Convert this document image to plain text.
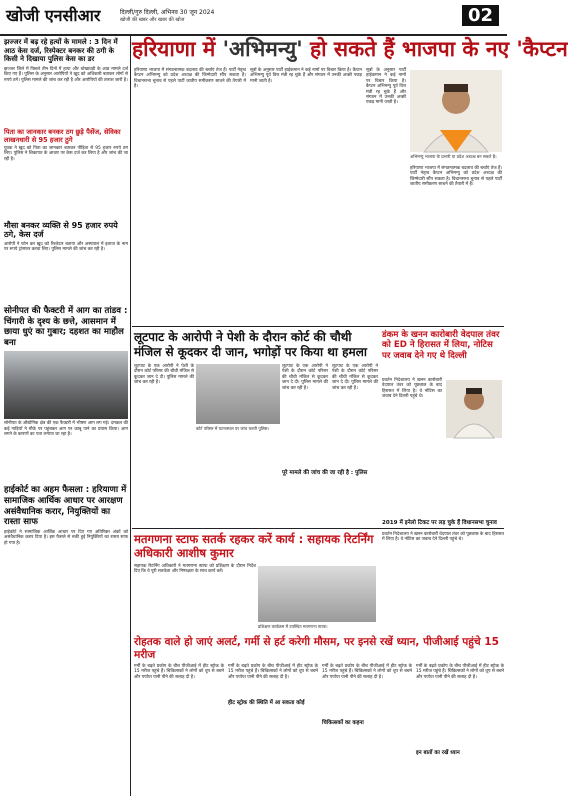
खोजी एनसीआर	दिल्ली/गुरु दिल्ली, अभिनव 30 जून 2024
खोजी की खबर और खबर की खोज	02
झज्जर में बढ़ रहे हत्यों के मामले : 3 दिन में आठ केस दर्ज, रिस्पेक्टर बनकर की ठगी के किसी ने दिखाया पुलिस केस का डर
झज्जर जिले में पिछले तीन दिनों में हत्या और धोखाधड़ी के आठ मामले दर्ज किए गए हैं। पुलिस के अनुसार आरोपियों ने खुद को अधिकारी बताकर लोगों से रुपये ठगे। पुलिस मामले की जांच कर रही है और आरोपियों की तलाश जारी है।
पिता का जानकार बनकर ठग छुड़े पैसेंज, सेविका लाखनधारी से 95 हजार ठुगे
युवक ने खुद को पिता का जानकार बताकर पीड़िता से 95 हजार रुपये ठग लिए। पुलिस ने शिकायत के आधार पर केस दर्ज कर लिया है और जांच की जा रही है।
मौसा बनकर व्यक्ति से 95 हजार रुपये ठगे, केस दर्ज
आरोपी ने फोन कर खुद को रिश्तेदार बताया और अस्पताल में इलाज के नाम पर रुपये ट्रांसफर करवा लिए। पुलिस मामले की जांच कर रही है।
सोनीपत की फैक्टरी में आग का तांडव : चिंगारी के दृश्य के छत्ते, आसमान में छाया धुएं का गुबार; दहशत का माहौल बना
सोनीपत के औद्योगिक क्षेत्र की एक फैक्टरी में भीषण आग लग गई। दमकल की कई गाड़ियों ने मौके पर पहुंचकर आग पर काबू पाने का प्रयास किया। आग लगने के कारणों का पता लगाया जा रहा है।
हाईकोर्ट का अहम फैसला : हरियाणा में सामाजिक आर्थिक आधार पर आरक्षण असंवैधानिक करार, नियुक्तियों का रास्ता साफ
हाईकोर्ट ने सामाजिक आर्थिक आधार पर दिए गए अतिरिक्त अंकों को असंवैधानिक करार दिया है। इस फैसले से रुकी हुई नियुक्तियों का रास्ता साफ हो गया है।
हरियाणा में 'अभिमन्यु' हो सकते हैं भाजपा के नए 'कैप्टन
हरियाणा भाजपा में संगठनात्मक बदलाव की चर्चाएं तेज हैं। पार्टी नेतृत्व कैप्टन अभिमन्यु को प्रदेश अध्यक्ष की जिम्मेदारी सौंप सकता है। विधानसभा चुनाव से पहले पार्टी जातीय समीकरण साधने की तैयारी में है।
सूत्रों के अनुसार पार्टी हाईकमान ने कई नामों पर विचार किया है। कैप्टन अभिमन्यु पूर्व वित्त मंत्री रह चुके हैं और संगठन में उनकी अच्छी पकड़ मानी जाती है।
सूत्रों के अनुसार पार्टी हाईकमान ने कई नामों पर विचार किया है। कैप्टन अभिमन्यु पूर्व वित्त मंत्री रह चुके हैं और संगठन में उनकी अच्छी पकड़ मानी जाती है।
अभिमन्यु भाजपा के प्रभारी या प्रदेश अध्यक्ष बन सकते हैं।
हरियाणा भाजपा में संगठनात्मक बदलाव की चर्चाएं तेज हैं। पार्टी नेतृत्व कैप्टन अभिमन्यु को प्रदेश अध्यक्ष की जिम्मेदारी सौंप सकता है। विधानसभा चुनाव से पहले पार्टी जातीय समीकरण साधने की तैयारी में है।
लूटपाट के आरोपी ने पेशी के दौरान कोर्ट की चौथी मंजिल से कूदकर दी जान, भगोड़ों पर किया था हमला
लूटपाट के एक आरोपी ने पेशी के दौरान कोर्ट परिसर की चौथी मंजिल से कूदकर जान दे दी। पुलिस मामले की जांच कर रही है।
कोर्ट परिसर में घटनास्थल पर जांच करती पुलिस।
लूटपाट के एक आरोपी ने पेशी के दौरान कोर्ट परिसर की चौथी मंजिल से कूदकर जान दे दी। पुलिस मामले की जांच कर रही है।
पूरे मामले की जांच की जा रही है : पुलिस
लूटपाट के एक आरोपी ने पेशी के दौरान कोर्ट परिसर की चौथी मंजिल से कूदकर जान दे दी। पुलिस मामले की जांच कर रही है।
डंकम के खनन कारोबारी वेदपाल तंवर को ED ने हिरासत में लिया, नोटिस पर जवाब देने गए थे दिल्ली
प्रवर्तन निदेशालय ने खनन कारोबारी वेदपाल तंवर को पूछताछ के बाद हिरासत में लिया है। वे नोटिस का जवाब देने दिल्ली पहुंचे थे।
2019 में इनेलो टिकट पर लड़ चुके हैं विधानसभा चुनाव
मतगणना स्टाफ सतर्क रहकर करें कार्य : सहायक रिटर्निंग अधिकारी आशीष कुमार
सहायक रिटर्निंग अधिकारी ने मतगणना स्टाफ को प्रशिक्षण के दौरान निर्देश दिए कि वे पूरी सतर्कता और निष्पक्षता के साथ कार्य करें।
प्रशिक्षण कार्यक्रम में उपस्थित मतगणना स्टाफ।
रोहतक वाले हो जाएं अलर्ट, गर्मी से हर्ट करेगी मौसम, पर इनसे रखें ध्यान, पीजीआई पहुंचे 15 मरीज
गर्मी के बढ़ते प्रकोप के बीच पीजीआई में हीट स्ट्रोक के 15 मरीज पहुंचे हैं। चिकित्सकों ने लोगों को धूप से बचने और पर्याप्त पानी पीने की सलाह दी है।
गर्मी के बढ़ते प्रकोप के बीच पीजीआई में हीट स्ट्रोक के 15 मरीज पहुंचे हैं। चिकित्सकों ने लोगों को धूप से बचने और पर्याप्त पानी पीने की सलाह दी है।
हीट स्ट्रोक की स्थिति में आ सकता कोई
गर्मी के बढ़ते प्रकोप के बीच पीजीआई में हीट स्ट्रोक के 15 मरीज पहुंचे हैं। चिकित्सकों ने लोगों को धूप से बचने और पर्याप्त पानी पीने की सलाह दी है।
चिकित्सकों का कहना
गर्मी के बढ़ते प्रकोप के बीच पीजीआई में हीट स्ट्रोक के 15 मरीज पहुंचे हैं। चिकित्सकों ने लोगों को धूप से बचने और पर्याप्त पानी पीने की सलाह दी है।
इन बातों का रखें ध्यान
प्रवर्तन निदेशालय ने खनन कारोबारी वेदपाल तंवर को पूछताछ के बाद हिरासत में लिया है। वे नोटिस का जवाब देने दिल्ली पहुंचे थे।
